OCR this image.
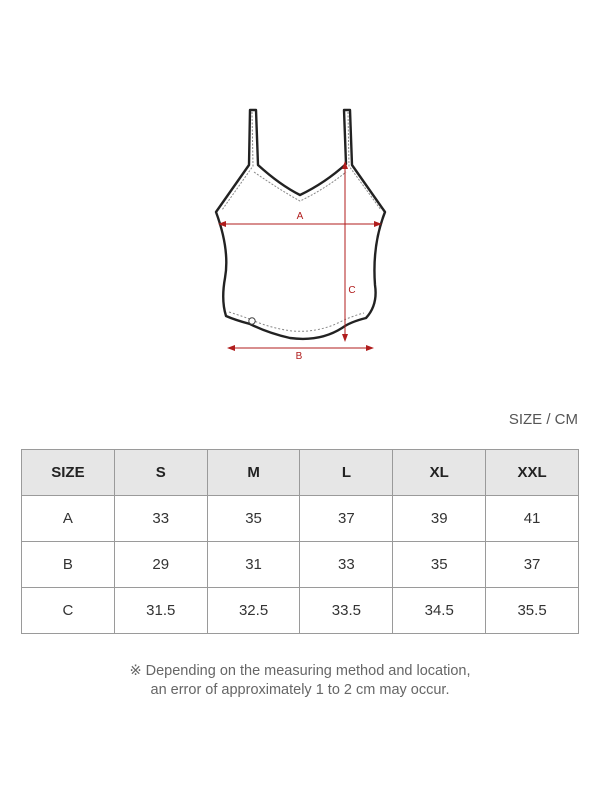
A
C
B
SIZE / CM
SIZE	S	M	L	XL	XXL
A	33	35	37	39	41
B	29	31	33	35	37
C	31.5	32.5	33.5	34.5	35.5
※ Depending on the measuring method and location,
an error of approximately 1 to 2 cm may occur.
